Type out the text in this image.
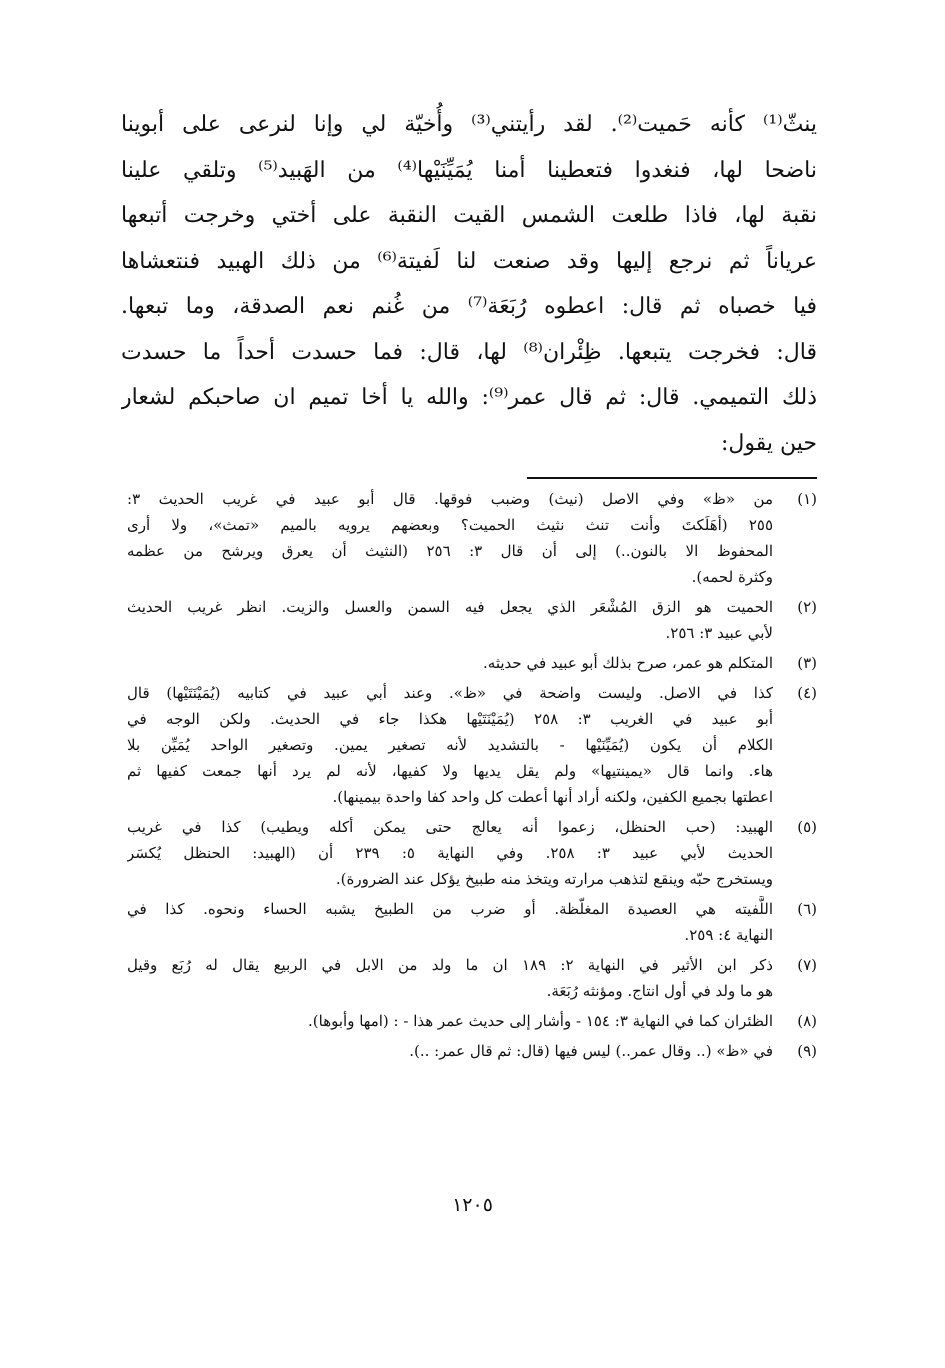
ينثّ⁽¹⁾ كأنه حَميت⁽²⁾. لقد رأيتني⁽³⁾ وأُخيّة لي وإنا لنرعى على أبوينا
ناضحا لها، فنغدوا فتعطينا أمنا يُمَيِّنَيْها⁽⁴⁾ من الهَبيد⁽⁵⁾ وتلقي علينا
نقبة لها، فاذا طلعت الشمس القيت النقبة على أختي وخرجت أتبعها
عرياناً ثم نرجع إليها وقد صنعت لنا لَفيتة⁽⁶⁾ من ذلك الهبيد فنتعشاها
فيا خصباه ثم قال: اعطوه رُبَعَة⁽⁷⁾ من غُنم نعم الصدقة، وما تبعها.
قال: فخرجت يتبعها. ظِئْران⁽⁸⁾ لها، قال: فما حسدت أحداً ما حسدت
ذلك التميمي. قال: ثم قال عمر⁽⁹⁾: والله يا أخا تميم ان صاحبكم لشعار
حين يقول:
(١)
من «ظ» وفي الاصل (نيث) وضبب فوقها. قال أبو عبيد في غريب الحديث ٣:
٢٥٥ (أهَلَكتَ وأنت تنث نثيث الحميت؟ وبعضهم يرويه بالميم «تمث»، ولا أرى
المحفوظ الا بالنون..) إلى أن قال ٣: ٢٥٦ (النثيث أن يعرق ويرشح من عظمه
وكثرة لحمه).
(٢)
الحميت هو الزق المُشْعَر الذي يجعل فيه السمن والعسل والزيت. انظر غريب الحديث
لأبي عبيد ٣: ٢٥٦.
(٣)
المتكلم هو عمر، صرح بذلك أبو عبيد في حديثه.
(٤)
كذا في الاصل. وليست واضحة في «ظ». وعند أبي عبيد في كتابيه (يُمَيْنَتَيْها) قال
أبو عبيد في الغريب ٣: ٢٥٨ (يُمَيْنَتَيْها هكذا جاء في الحديث. ولكن الوجه في
الكلام أن يكون (يُمَيِّنَيْها - بالتشديد لأنه تصغير يمين. وتصغير الواحد يُمَيِّن بلا
هاء. وانما قال «يمينتيها» ولم يقل يديها ولا كفيها، لأنه لم يرد أنها جمعت كفيها ثم
اعطتها بجميع الكفين، ولكنه أراد أنها أعطت كل واحد كفا واحدة بيمينها).
(٥)
الهبيد: (حب الحنظل، زعموا أنه يعالج حتى يمكن أكله ويطيب) كذا في غريب
الحديث لأبي عبيد ٣: ٢٥٨. وفي النهاية ٥: ٢٣٩ أن (الهبيد: الحنظل يُكسَر
ويستخرج حبّه وينقع لتذهب مرارته ويتخذ منه طبيخ يؤكل عند الضرورة).
(٦)
اللَّفيته هي العصيدة المغلّظة. أو ضرب من الطبيخ يشبه الحساء ونحوه. كذا في
النهاية ٤: ٢٥٩.
(٧)
ذكر ابن الأثير في النهاية ٢: ١٨٩ ان ما ولد من الابل في الربيع يقال له رُبَع وقيل
هو ما ولد في أول انتاج. ومؤنثه رُبَعَة.
(٨)
الظئران كما في النهاية ٣: ١٥٤ - وأشار إلى حديث عمر هذا - : (امها وأبوها).
(٩)
في «ظ» (.. وقال عمر..) ليس فيها (قال: ثم قال عمر: ..).
١٢٠٥
